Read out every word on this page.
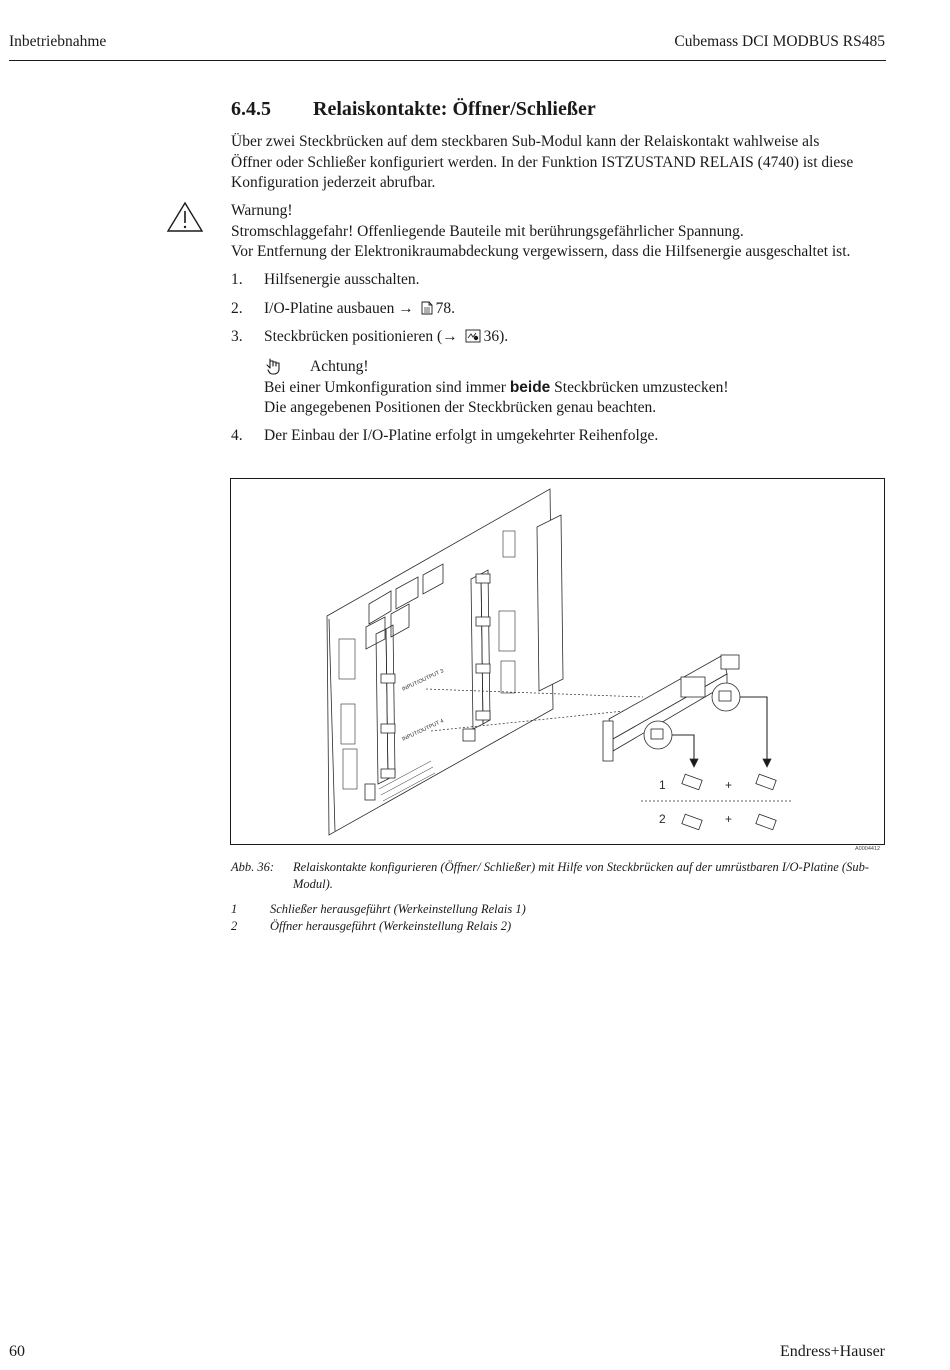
Inbetriebnahme	Cubemass DCI MODBUS RS485
6.4.5 Relaiskontakte: Öffner/Schließer
Über zwei Steckbrücken auf dem steckbaren Sub-Modul kann der Relaiskontakt wahlweise als
Öffner oder Schließer konfiguriert werden. In der Funktion ISTZUSTAND RELAIS (4740) ist diese
Konfiguration jederzeit abrufbar.
Warnung!
Stromschlaggefahr! Offenliegende Bauteile mit berührungsgefährlicher Spannung.
Vor Entfernung der Elektronikraumabdeckung vergewissern, dass die Hilfsenergie ausgeschaltet ist.
1. Hilfsenergie ausschalten.
2. I/O-Platine ausbauen → 78.
3. Steckbrücken positionieren (→ 36).
Achtung!
Bei einer Umkonfiguration sind immer beide Steckbrücken umzustecken!
Die angegebenen Positionen der Steckbrücken genau beachten.
4. Der Einbau der I/O-Platine erfolgt in umgekehrter Reihenfolge.
INPUT/OUTPUT 3
INPUT/OUTPUT 4
1
2
+
+
A0004412
Abb. 36: Relaiskontakte konfigurieren (Öffner/ Schließer) mit Hilfe von Steckbrücken auf der umrüstbaren I/O-Platine (Sub-Modul).
1	Schließer herausgeführt (Werkeinstellung Relais 1)
2	Öffner herausgeführt (Werkeinstellung Relais 2)
60	Endress+Hauser
